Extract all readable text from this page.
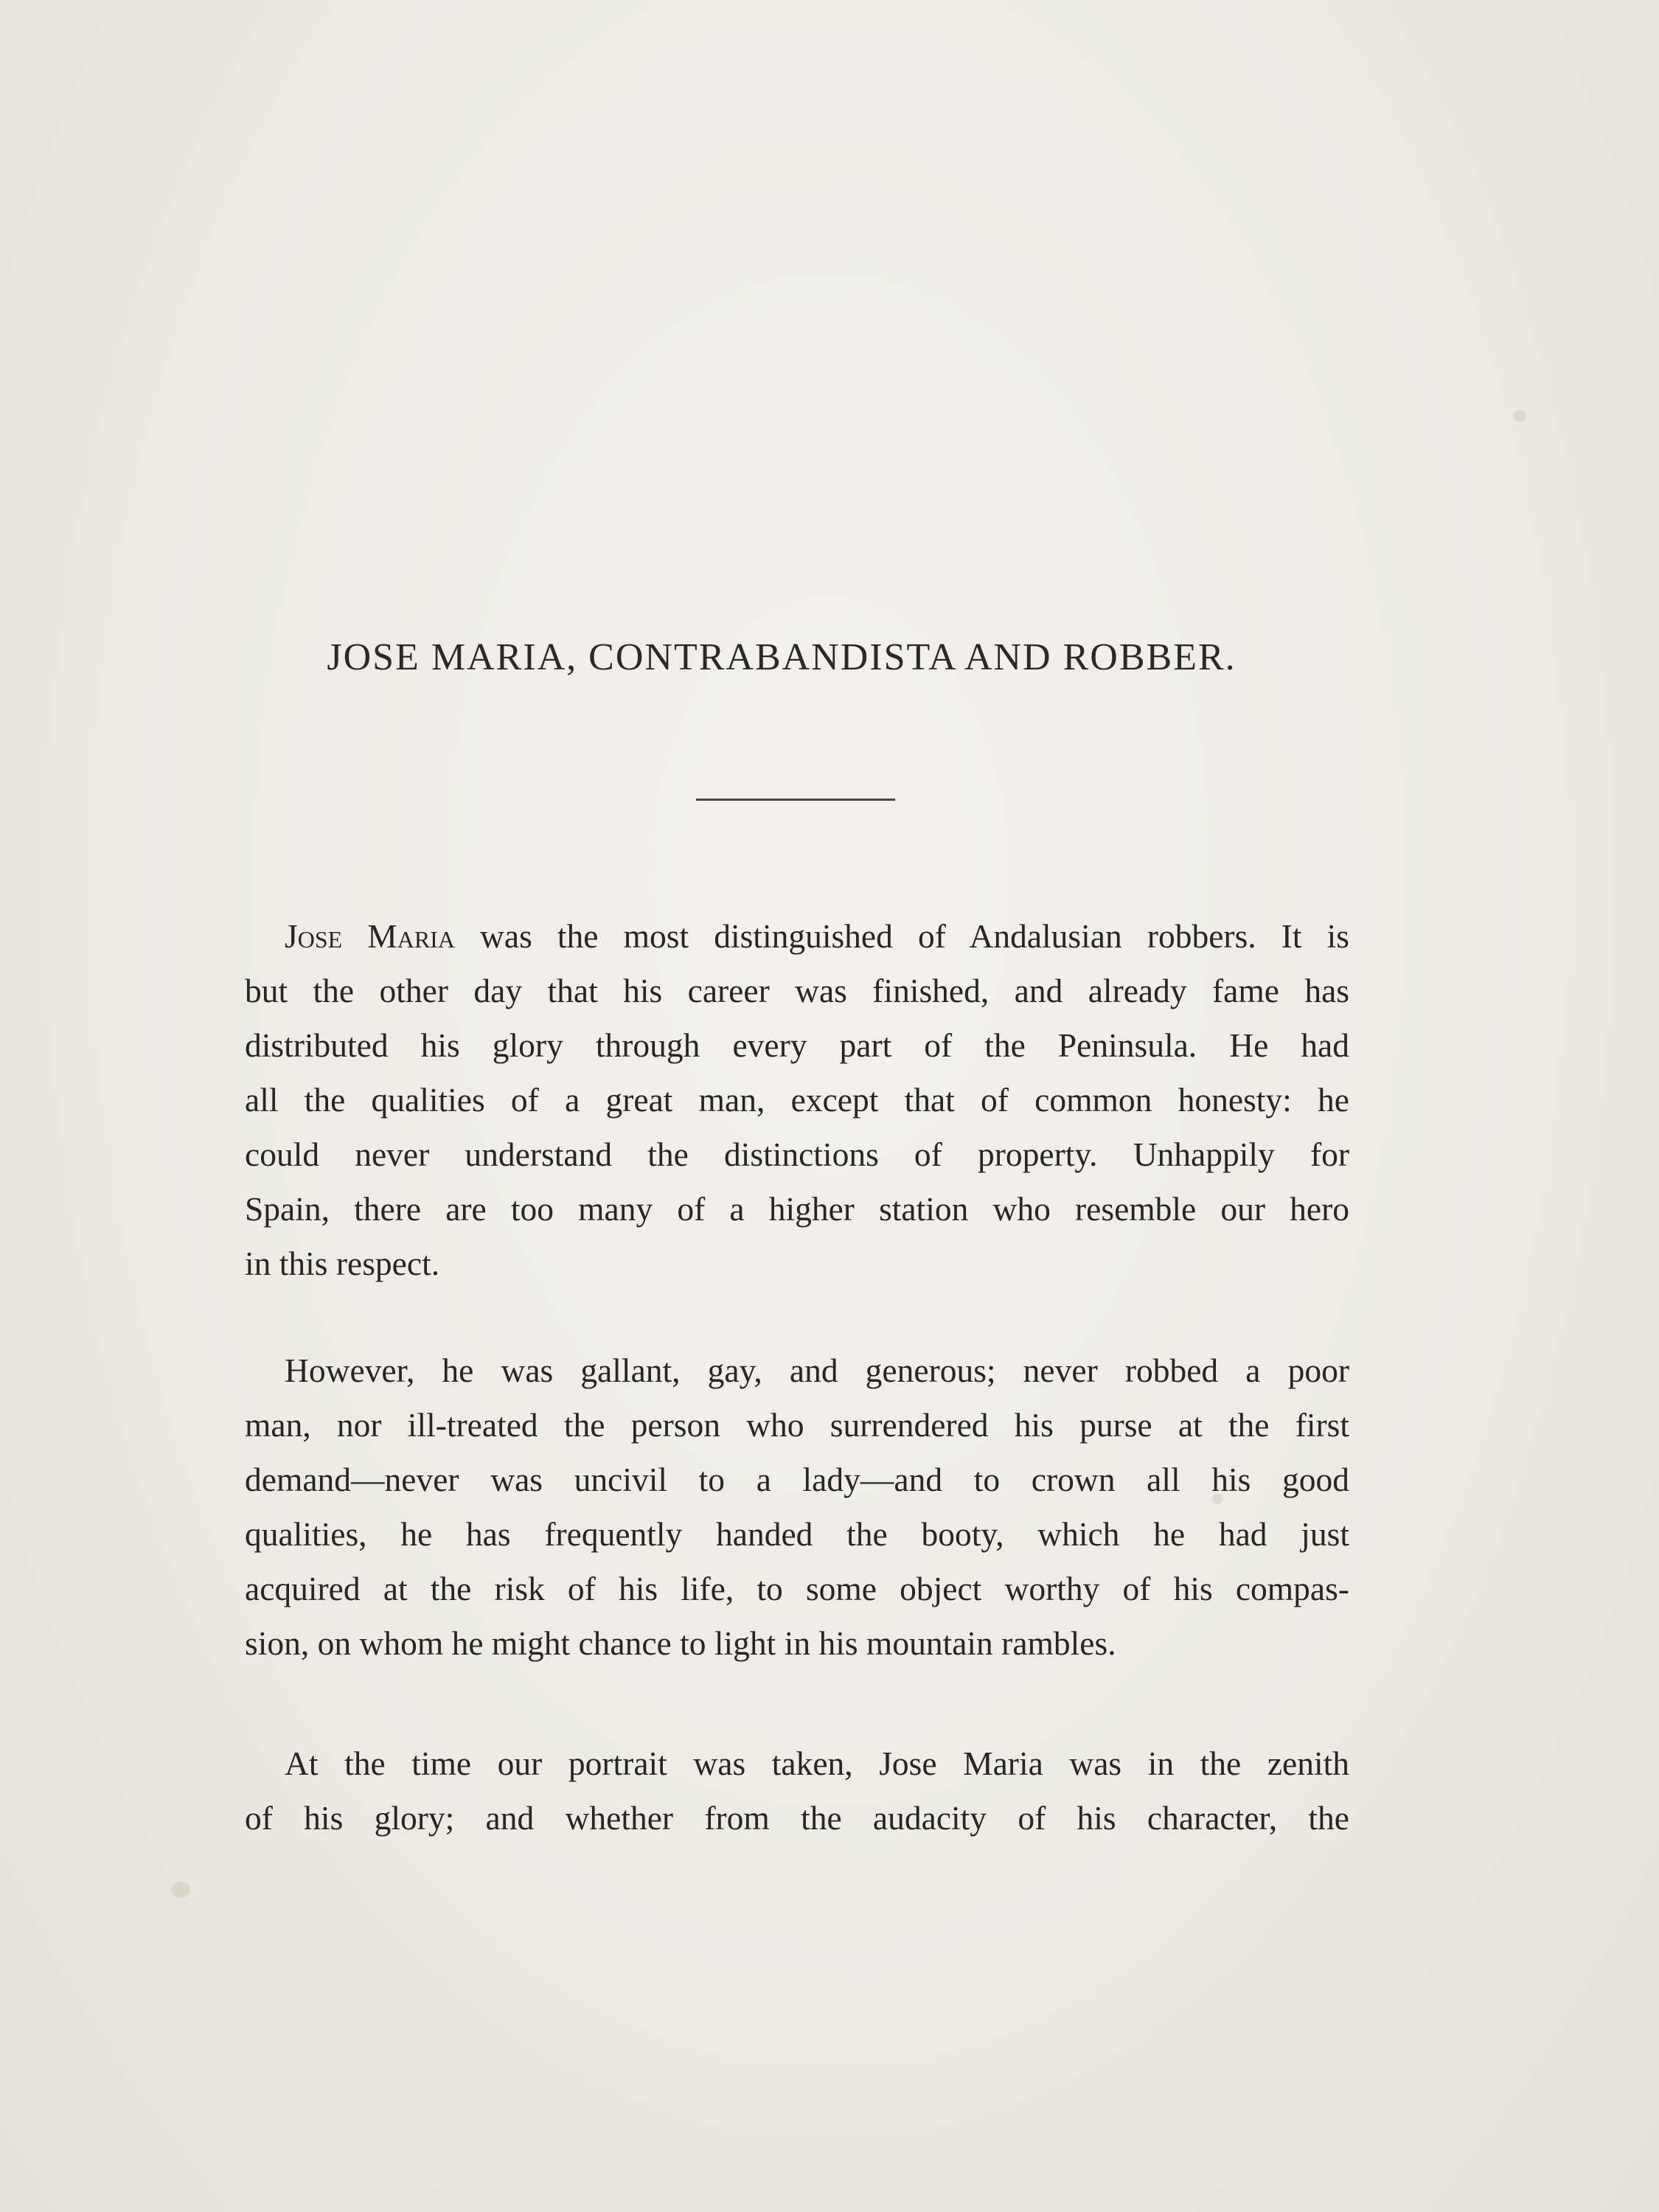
JOSE MARIA, CONTRABANDISTA AND ROBBER.
Jose Maria was the most distinguished of Andalusian robbers. It is
but the other day that his career was finished, and already fame has
distributed his glory through every part of the Peninsula. He had
all the qualities of a great man, except that of common honesty: he
could never understand the distinctions of property. Unhappily for
Spain, there are too many of a higher station who resemble our hero
in this respect.
However, he was gallant, gay, and generous; never robbed a poor
man, nor ill-treated the person who surrendered his purse at the first
demand—never was uncivil to a lady—and to crown all his good
qualities, he has frequently handed the booty, which he had just
acquired at the risk of his life, to some object worthy of his compas-
sion, on whom he might chance to light in his mountain rambles.
At the time our portrait was taken, Jose Maria was in the zenith
of his glory; and whether from the audacity of his character, the
